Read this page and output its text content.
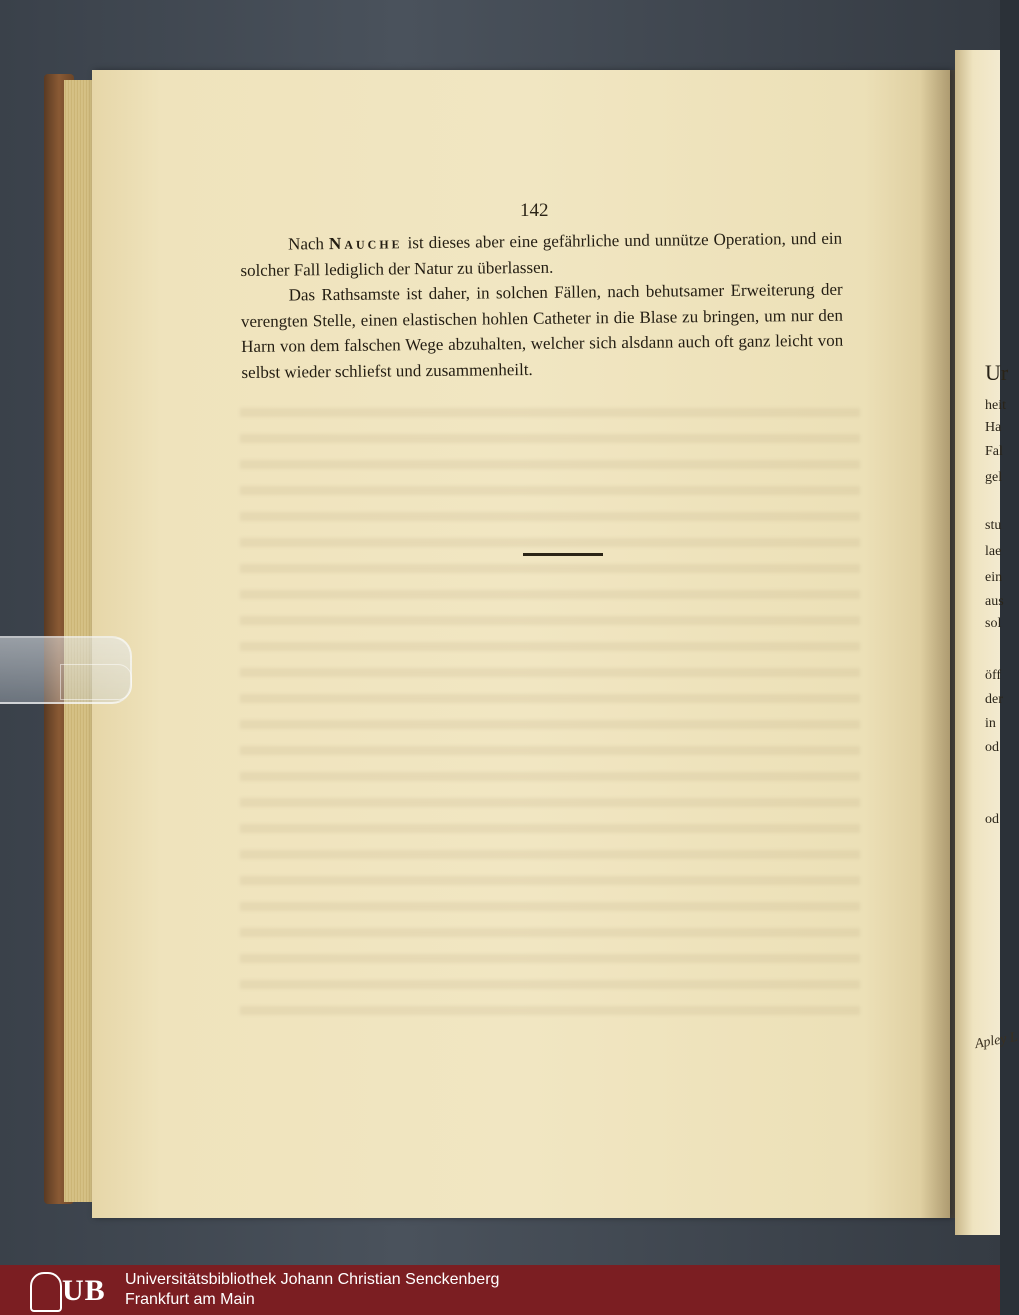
Ur
heit
Ha
Fal
gel
stu
lae
ein
aus
sol
öff
der
in
od
od
142

Nach Nauche ist dieses aber eine gefährliche und unnütze Operation, und ein solcher Fall lediglich der Natur zu überlassen.

Das Rathsamste ist daher, in solchen Fällen, nach behutsamer Erweiterung der verengten Stelle, einen elastischen hohlen Catheter in die Blase zu bringen, um nur den Harn von dem falschen Wege abzuhalten, welcher sich alsdann auch oft ganz leicht von selbst wieder schliefst und zusammenheilt.

Apley L
UB Universitätsbibliothek Johann Christian Senckenberg
Frankfurt am Main
